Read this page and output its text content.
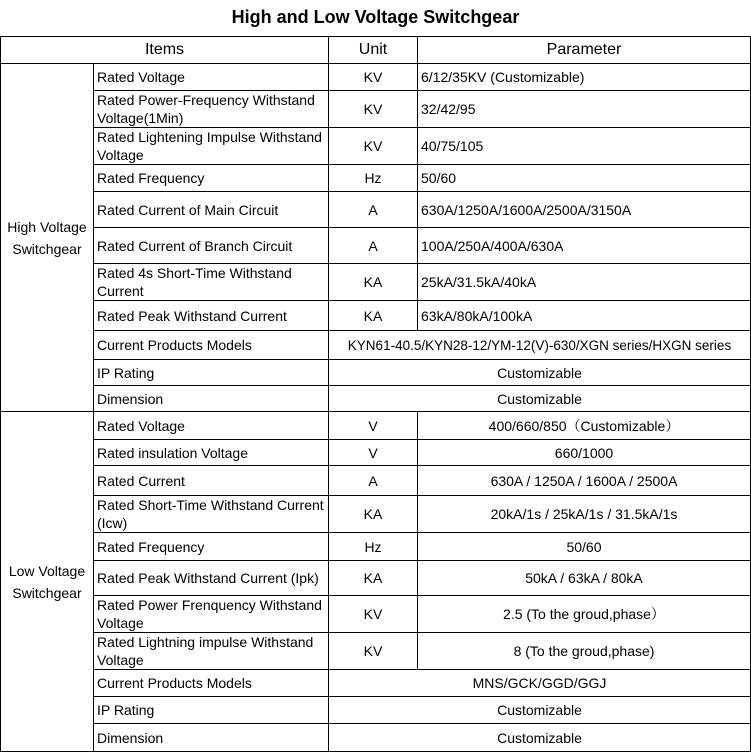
High and Low Voltage Switchgear
Items		Unit	Parameter
High Voltage Switchgear	Rated Voltage	KV	6/12/35KV (Customizable)
	Rated Power-Frequency Withstand Voltage(1Min)	KV	32/42/95
	Rated Lightening Impulse Withstand Voltage	KV	40/75/105
	Rated Frequency	Hz	50/60
	Rated Current of Main Circuit	A	630A/1250A/1600A/2500A/3150A
	Rated Current of Branch Circuit	A	100A/250A/400A/630A
	Rated 4s Short-Time Withstand Current	KA	25kA/31.5kA/40kA
	Rated Peak Withstand Current	KA	63kA/80kA/100kA
	Current Products Models	KYN61-40.5/KYN28-12/YM-12(V)-630/XGN series/HXGN series	
	IP Rating	Customizable	
	Dimension	Customizable	
Low Voltage Switchgear	Rated Voltage	V	400/660/850（Customizable）
	Rated insulation Voltage	V	660/1000
	Rated Current	A	630A / 1250A / 1600A / 2500A
	Rated Short-Time Withstand Current (Icw)	KA	20kA/1s / 25kA/1s / 31.5kA/1s
	Rated Frequency	Hz	50/60
	Rated Peak Withstand Current (Ipk)	KA	50kA / 63kA / 80kA
	Rated Power Frenquency Withstand Voltage	KV	2.5 (To the groud,phase）
	Rated Lightning impulse Withstand Voltage	KV	8 (To the groud,phase)
	Current Products Models	MNS/GCK/GGD/GGJ	
	IP Rating	Customizable	
	Dimension	Customizable	
